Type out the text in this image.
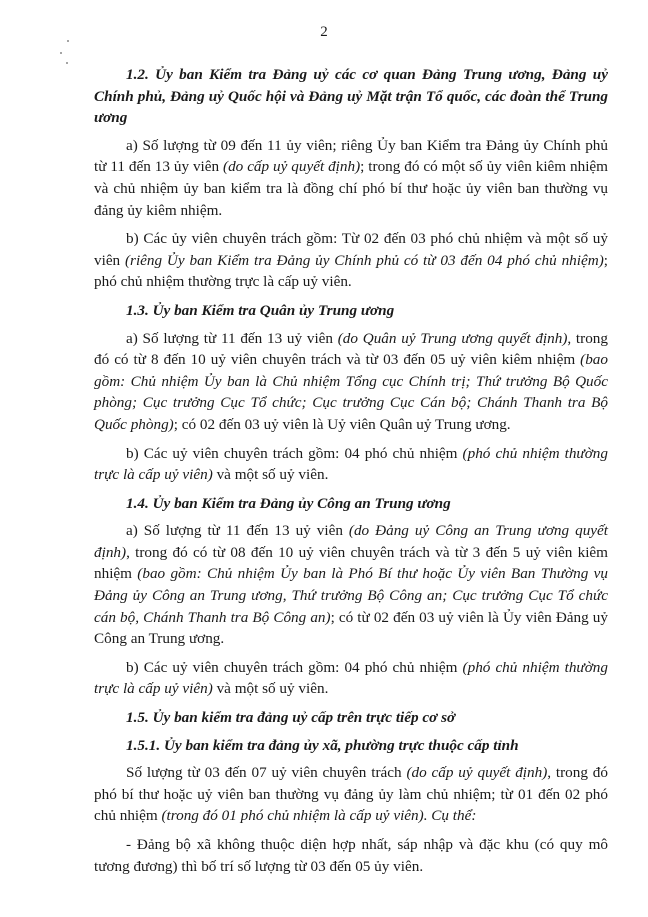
2

1.2. Ủy ban Kiểm tra Đảng uỷ các cơ quan Đảng Trung ương, Đảng uỷ Chính phủ, Đảng uỷ Quốc hội và Đảng uỷ Mặt trận Tổ quốc, các đoàn thể Trung ương

a) Số lượng từ 09 đến 11 ủy viên; riêng Ủy ban Kiểm tra Đảng ủy Chính phủ từ 11 đến 13 ủy viên (do cấp uỷ quyết định); trong đó có một số ủy viên kiêm nhiệm và chủ nhiệm ủy ban kiểm tra là đồng chí phó bí thư hoặc ủy viên ban thường vụ đảng ủy kiêm nhiệm.

b) Các ủy viên chuyên trách gồm: Từ 02 đến 03 phó chủ nhiệm và một số uỷ viên (riêng Ủy ban Kiểm tra Đảng ủy Chính phủ có từ 03 đến 04 phó chủ nhiệm); phó chủ nhiệm thường trực là cấp uỷ viên.

1.3. Ủy ban Kiểm tra Quân ủy Trung ương

a) Số lượng từ 11 đến 13 uỷ viên (do Quân uỷ Trung ương quyết định), trong đó có từ 8 đến 10 uỷ viên chuyên trách và từ 03 đến 05 uỷ viên kiêm nhiệm (bao gồm: Chủ nhiệm Ủy ban là Chủ nhiệm Tổng cục Chính trị; Thứ trưởng Bộ Quốc phòng; Cục trưởng Cục Tổ chức; Cục trưởng Cục Cán bộ; Chánh Thanh tra Bộ Quốc phòng); có 02 đến 03 uỷ viên là Uỷ viên Quân uỷ Trung ương.

b) Các uỷ viên chuyên trách gồm: 04 phó chủ nhiệm (phó chủ nhiệm thường trực là cấp uỷ viên) và một số uỷ viên.

1.4. Ủy ban Kiểm tra Đảng ủy Công an Trung ương

a) Số lượng từ 11 đến 13 uỷ viên (do Đảng uỷ Công an Trung ương quyết định), trong đó có từ 08 đến 10 uỷ viên chuyên trách và từ 3 đến 5 uỷ viên kiêm nhiệm (bao gồm: Chủ nhiệm Ủy ban là Phó Bí thư hoặc Ủy viên Ban Thường vụ Đảng ủy Công an Trung ương, Thứ trưởng Bộ Công an; Cục trưởng Cục Tổ chức cán bộ, Chánh Thanh tra Bộ Công an); có từ 02 đến 03 uỷ viên là Ủy viên Đảng uỷ Công an Trung ương.

b) Các uỷ viên chuyên trách gồm: 04 phó chủ nhiệm (phó chủ nhiệm thường trực là cấp uỷ viên) và một số uỷ viên.

1.5. Ủy ban kiểm tra đảng uỷ cấp trên trực tiếp cơ sở

1.5.1. Ủy ban kiểm tra đảng ủy xã, phường trực thuộc cấp tỉnh

Số lượng từ 03 đến 07 uỷ viên chuyên trách (do cấp uỷ quyết định), trong đó phó bí thư hoặc uỷ viên ban thường vụ đảng ủy làm chủ nhiệm; từ 01 đến 02 phó chủ nhiệm (trong đó 01 phó chủ nhiệm là cấp uỷ viên). Cụ thể:

- Đảng bộ xã không thuộc diện hợp nhất, sáp nhập và đặc khu (có quy mô tương đương) thì bố trí số lượng từ 03 đến 05 ủy viên.
